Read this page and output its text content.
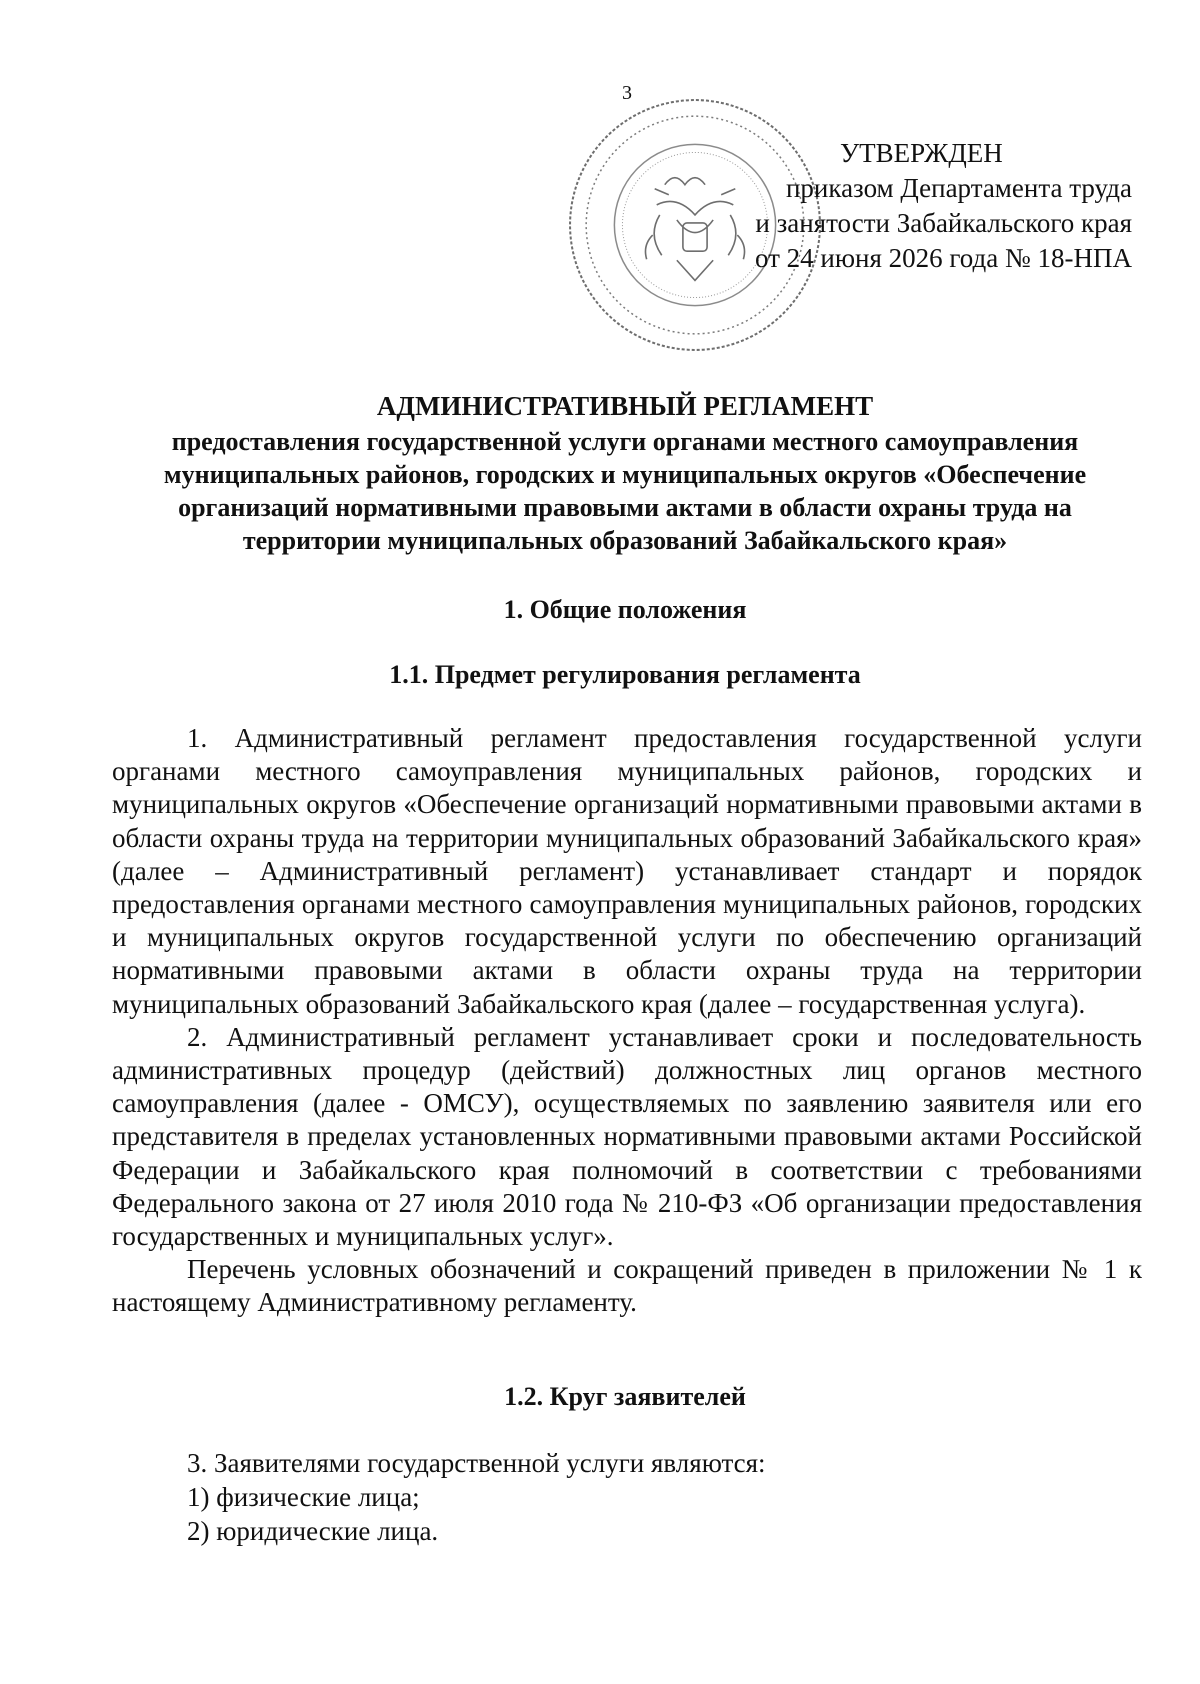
3
УТВЕРЖДЕН
приказом Департамента труда
и занятости Забайкальского края
от 24 июня 2026 года № 18-НПА
АДМИНИСТРАТИВНЫЙ РЕГЛАМЕНТ
предоставления государственной услуги органами местного самоуправления
муниципальных районов, городских и муниципальных округов «Обеспечение
организаций нормативными правовыми актами в области охраны труда на
территории муниципальных образований Забайкальского края»
1. Общие положения
1.1. Предмет регулирования регламента

1. Административный регламент предоставления государственной услуги органами местного самоуправления муниципальных районов, городских и муниципальных округов «Обеспечение организаций нормативными правовыми актами в области охраны труда на территории муниципальных образований Забайкальского края» (далее – Административный регламент) устанавливает стандарт и порядок предоставления органами местного самоуправления муниципальных районов, городских и муниципальных округов государственной услуги по обеспечению организаций нормативными правовыми актами в области охраны труда на территории муниципальных образований Забайкальского края (далее – государственная услуга).

2. Административный регламент устанавливает сроки и последовательность административных процедур (действий) должностных лиц органов местного самоуправления (далее - ОМСУ), осуществляемых по заявлению заявителя или его представителя в пределах установленных нормативными правовыми актами Российской Федерации и Забайкальского края полномочий в соответствии с требованиями Федерального закона от 27 июля 2010 года № 210-ФЗ «Об организации предоставления государственных и муниципальных услуг».

Перечень условных обозначений и сокращений приведен в приложении № 1 к настоящему Административному регламенту.

1.2. Круг заявителей
3. Заявителями государственной услуги являются:
1) физические лица;
2) юридические лица.
